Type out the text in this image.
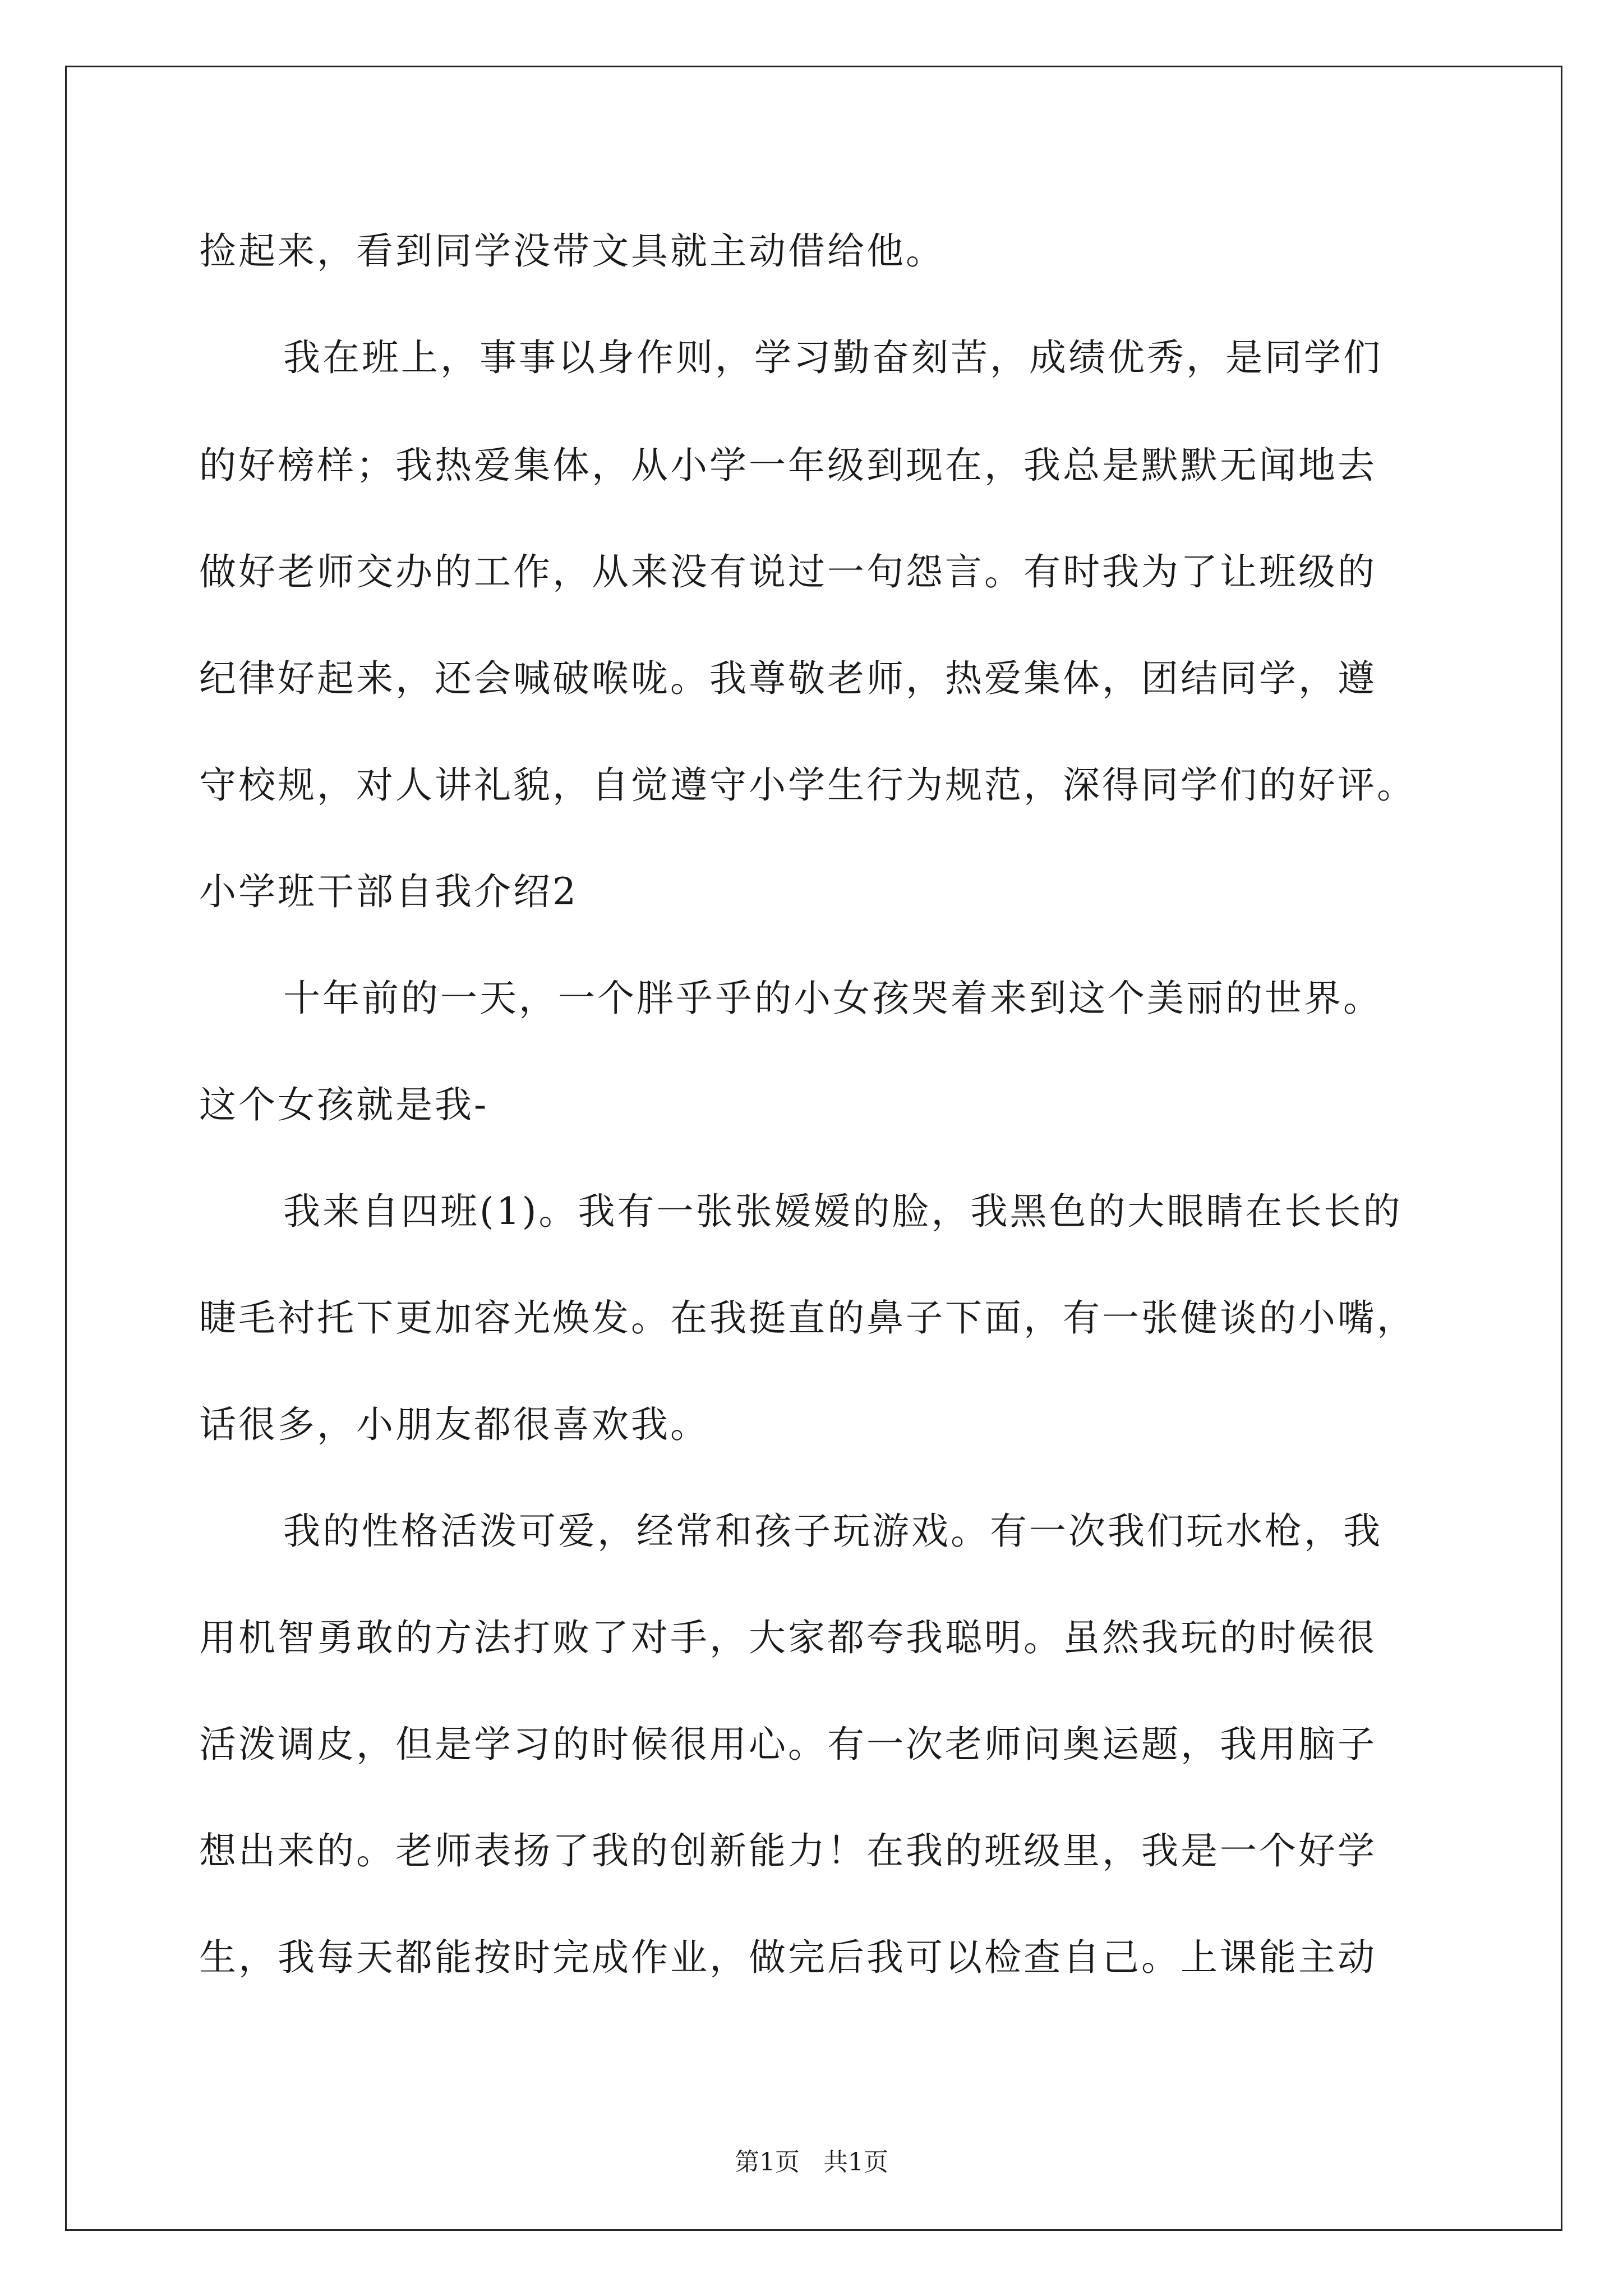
捡起来，看到同学没带文具就主动借给他。
我在班上，事事以身作则，学习勤奋刻苦，成绩优秀，是同学们
的好榜样；我热爱集体，从小学一年级到现在，我总是默默无闻地去
做好老师交办的工作，从来没有说过一句怨言。有时我为了让班级的
纪律好起来，还会喊破喉咙。我尊敬老师，热爱集体，团结同学，遵
守校规，对人讲礼貌，自觉遵守小学生行为规范，深得同学们的好评。
小学班干部自我介绍2
十年前的一天，一个胖乎乎的小女孩哭着来到这个美丽的世界。
这个女孩就是我-
我来自四班(1)。我有一张张嫒嫒的脸，我黑色的大眼睛在长长的
睫毛衬托下更加容光焕发。在我挺直的鼻子下面，有一张健谈的小嘴，
话很多，小朋友都很喜欢我。
我的性格活泼可爱，经常和孩子玩游戏。有一次我们玩水枪，我
用机智勇敢的方法打败了对手，大家都夸我聪明。虽然我玩的时候很
活泼调皮，但是学习的时候很用心。有一次老师问奥运题，我用脑子
想出来的。老师表扬了我的创新能力！在我的班级里，我是一个好学
生，我每天都能按时完成作业，做完后我可以检查自己。上课能主动
第1页   共1页
